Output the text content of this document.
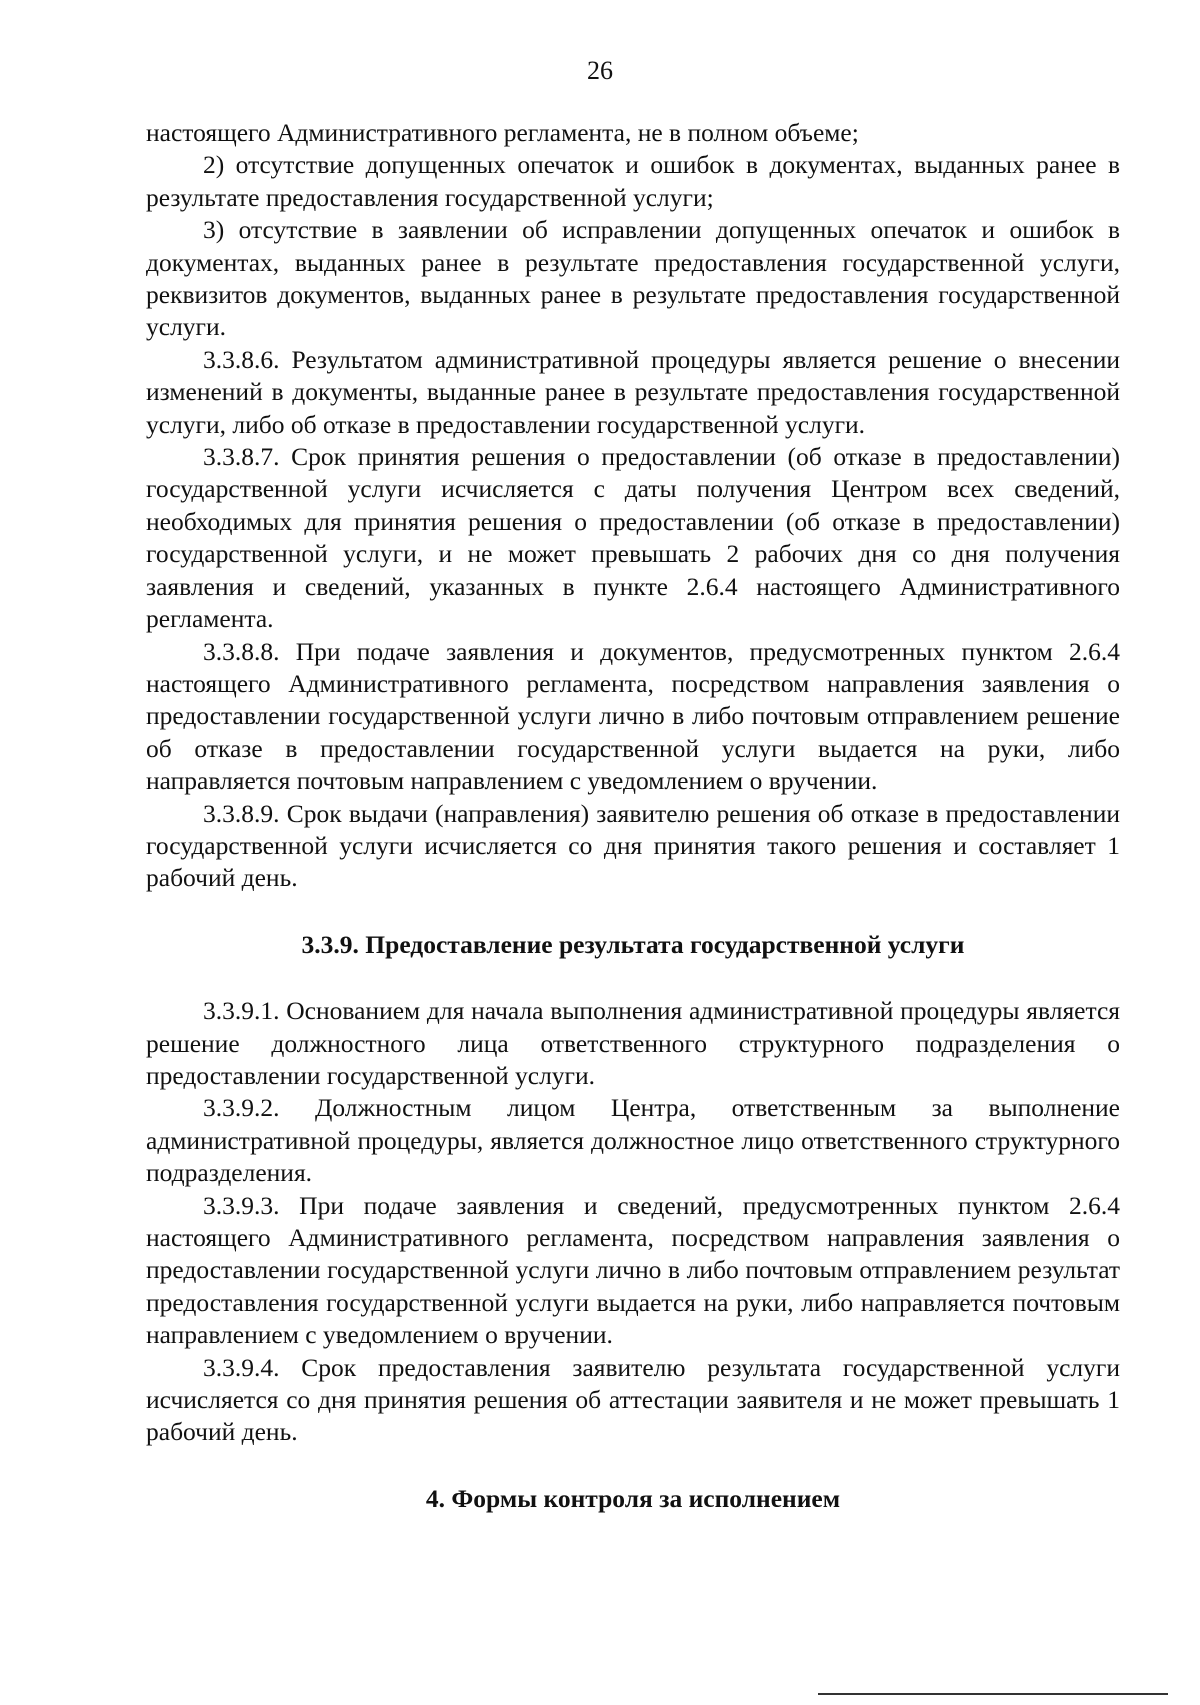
26

настоящего Административного регламента, не в полном объеме;

2) отсутствие допущенных опечаток и ошибок в документах, выданных ранее в результате предоставления государственной услуги;

3) отсутствие в заявлении об исправлении допущенных опечаток и ошибок в документах, выданных ранее в результате предоставления государственной услуги, реквизитов документов, выданных ранее в результате предоставления государственной услуги.

3.3.8.6. Результатом административной процедуры является решение о внесении изменений в документы, выданные ранее в результате предоставления государственной услуги, либо об отказе в предоставлении государственной услуги.

3.3.8.7. Срок принятия решения о предоставлении (об отказе в предоставлении) государственной услуги исчисляется с даты получения Центром всех сведений, необходимых для принятия решения о предоставлении (об отказе в предоставлении) государственной услуги, и не может превышать 2 рабочих дня со дня получения заявления и сведений, указанных в пункте 2.6.4 настоящего Административного регламента.

3.3.8.8. При подаче заявления и документов, предусмотренных пунктом 2.6.4 настоящего Административного регламента, посредством направления заявления о предоставлении государственной услуги лично в либо почтовым отправлением решение об отказе в предоставлении государственной услуги выдается на руки, либо направляется почтовым направлением с уведомлением о вручении.

3.3.8.9. Срок выдачи (направления) заявителю решения об отказе в предоставлении государственной услуги исчисляется со дня принятия такого решения и составляет 1 рабочий день.

3.3.9. Предоставление результата государственной услуги

3.3.9.1. Основанием для начала выполнения административной процедуры является решение должностного лица ответственного структурного подразделения о предоставлении государственной услуги.

3.3.9.2. Должностным лицом Центра, ответственным за выполнение административной процедуры, является должностное лицо ответственного структурного подразделения.

3.3.9.3. При подаче заявления и сведений, предусмотренных пунктом 2.6.4 настоящего Административного регламента, посредством направления заявления о предоставлении государственной услуги лично в либо почтовым отправлением результат предоставления государственной услуги выдается на руки, либо направляется почтовым направлением с уведомлением о вручении.

3.3.9.4. Срок предоставления заявителю результата государственной услуги исчисляется со дня принятия решения об аттестации заявителя и не может превышать 1 рабочий день.

4. Формы контроля за исполнением
